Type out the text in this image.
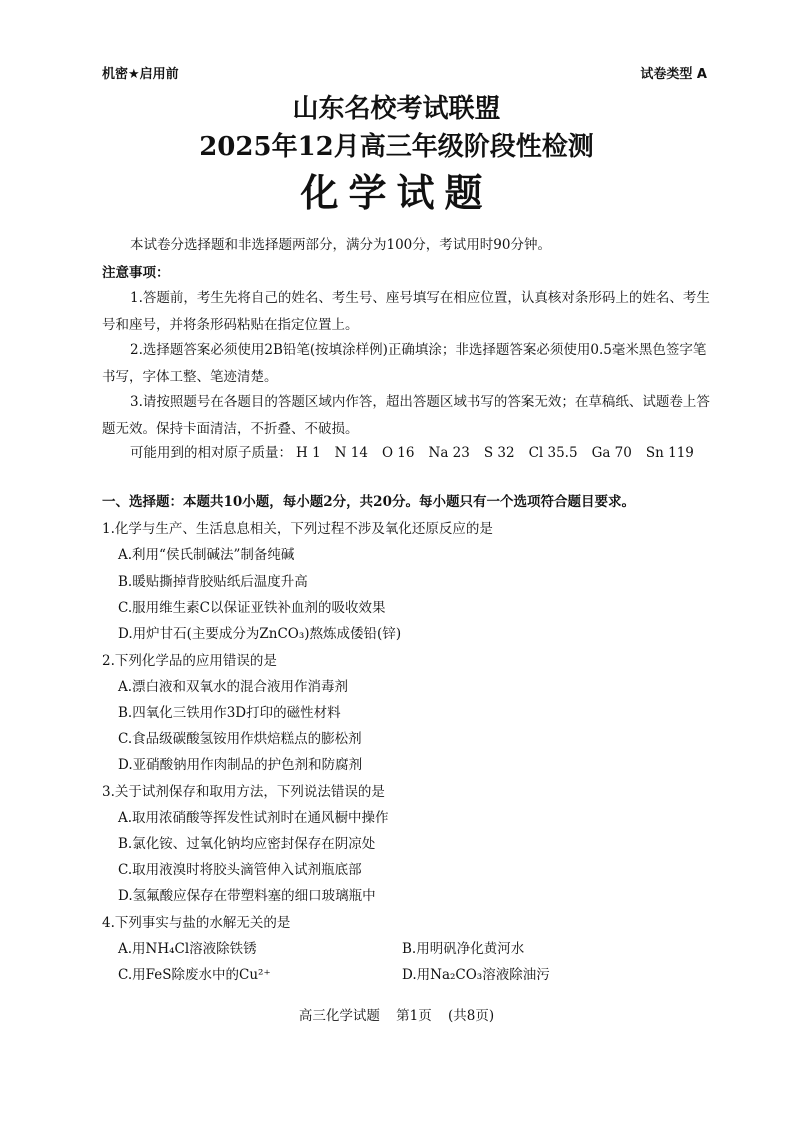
机密★启用前	试卷类型 A
山东名校考试联盟
2025年12月高三年级阶段性检测
化学试题
本试卷分选择题和非选择题两部分，满分为100分，考试用时90分钟。
注意事项：
1.答题前，考生先将自己的姓名、考生号、座号填写在相应位置，认真核对条形码上的姓名、考生号和座号，并将条形码粘贴在指定位置上。
2.选择题答案必须使用2B铅笔(按填涂样例)正确填涂；非选择题答案必须使用0.5毫米黑色签字笔书写，字体工整、笔迹清楚。
3.请按照题号在各题目的答题区域内作答，超出答题区域书写的答案无效；在草稿纸、试题卷上答题无效。保持卡面清洁，不折叠、不破损。
可能用到的相对原子质量： H 1 N 14 O 16 Na 23 S 32 Cl 35.5 Ga 70 Sn 119
一、选择题：本题共10小题，每小题2分，共20分。每小题只有一个选项符合题目要求。
1.化学与生产、生活息息相关，下列过程不涉及氧化还原反应的是
A.利用“侯氏制碱法”制备纯碱
B.暖贴撕掉背胶贴纸后温度升高
C.服用维生素C以保证亚铁补血剂的吸收效果
D.用炉甘石(主要成分为ZnCO₃)熬炼成倭铅(锌)
2.下列化学品的应用错误的是
A.漂白液和双氧水的混合液用作消毒剂
B.四氧化三铁用作3D打印的磁性材料
C.食品级碳酸氢铵用作烘焙糕点的膨松剂
D.亚硝酸钠用作肉制品的护色剂和防腐剂
3.关于试剂保存和取用方法，下列说法错误的是
A.取用浓硝酸等挥发性试剂时在通风橱中操作
B.氯化铵、过氧化钠均应密封保存在阴凉处
C.取用液溴时将胶头滴管伸入试剂瓶底部
D.氢氟酸应保存在带塑料塞的细口玻璃瓶中
4.下列事实与盐的水解无关的是
A.用NH₄Cl溶液除铁锈	B.用明矾净化黄河水
C.用FeS除废水中的Cu²⁺	D.用Na₂CO₃溶液除油污
高三化学试题 第1页 (共8页)
